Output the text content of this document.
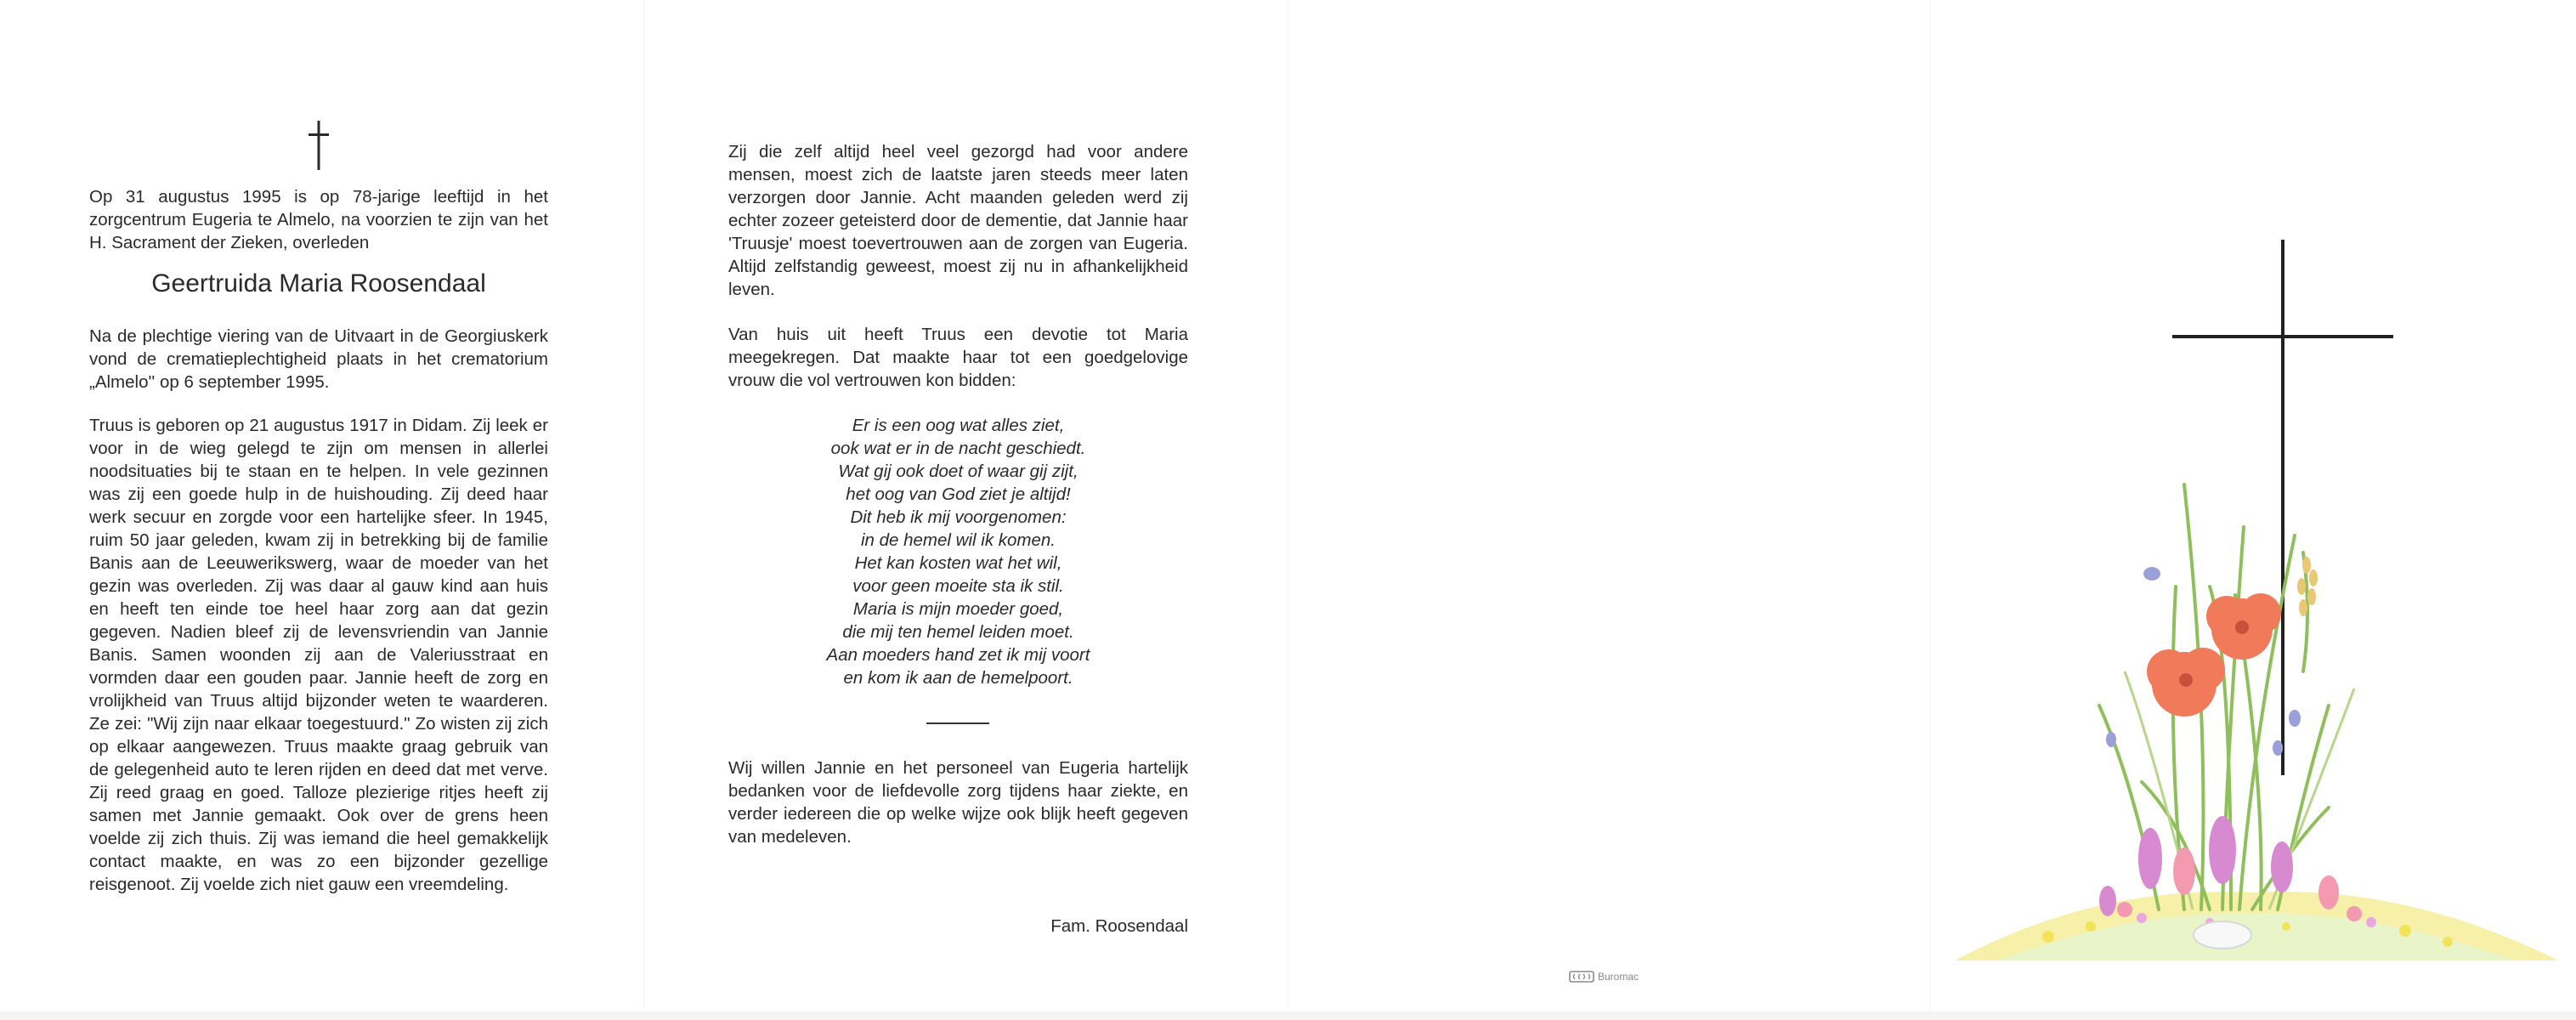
Op 31 augustus 1995 is op 78-jarige leeftijd in het zorgcentrum Eugeria te Almelo, na voorzien te zijn van het H. Sacrament der Zieken, overleden

Geertruida Maria Roosendaal

Na de plechtige viering van de Uitvaart in de Georgiuskerk vond de crematieplechtigheid plaats in het crematorium „Almelo'' op 6 september 1995.

Truus is geboren op 21 augustus 1917 in Didam. Zij leek er voor in de wieg gelegd te zijn om mensen in allerlei noodsituaties bij te staan en te helpen. In vele gezinnen was zij een goede hulp in de huishouding. Zij deed haar werk secuur en zorgde voor een hartelijke sfeer. In 1945, ruim 50 jaar geleden, kwam zij in betrekking bij de familie Banis aan de Leeuwerikswerg, waar de moeder van het gezin was overleden. Zij was daar al gauw kind aan huis en heeft ten einde toe heel haar zorg aan dat gezin gegeven. Nadien bleef zij de levensvriendin van Jannie Banis. Samen woonden zij aan de Valeriusstraat en vormden daar een gouden paar. Jannie heeft de zorg en vrolijkheid van Truus altijd bijzonder weten te waarderen. Ze zei: "Wij zijn naar elkaar toegestuurd." Zo wisten zij zich op elkaar aangewezen. Truus maakte graag gebruik van de gelegenheid auto te leren rijden en deed dat met verve. Zij reed graag en goed. Talloze plezierige ritjes heeft zij samen met Jannie gemaakt. Ook over de grens heen voelde zij zich thuis. Zij was iemand die heel gemakkelijk contact maakte, en was zo een bijzonder gezellige reisgenoot. Zij voelde zich niet gauw een vreemdeling.

Zij die zelf altijd heel veel gezorgd had voor andere mensen, moest zich de laatste jaren steeds meer laten verzorgen door Jannie. Acht maanden geleden werd zij echter zozeer geteisterd door de dementie, dat Jannie haar 'Truusje' moest toevertrouwen aan de zorgen van Eugeria. Altijd zelfstandig geweest, moest zij nu in afhankelijkheid leven.

Van huis uit heeft Truus een devotie tot Maria meegekregen. Dat maakte haar tot een goedgelovige vrouw die vol vertrouwen kon bidden:

Er is een oog wat alles ziet,
ook wat er in de nacht geschiedt.
Wat gij ook doet of waar gij zijt,
het oog van God ziet je altijd!
Dit heb ik mij voorgenomen:
in de hemel wil ik komen.
Het kan kosten wat het wil,
voor geen moeite sta ik stil.
Maria is mijn moeder goed,
die mij ten hemel leiden moet.
Aan moeders hand zet ik mij voort
en kom ik aan de hemelpoort.

Wij willen Jannie en het personeel van Eugeria hartelijk bedanken voor de liefdevolle zorg tijdens haar ziekte, en verder iedereen die op welke wijze ook blijk heeft gegeven van medeleven.

Fam. Roosendaal

Buromac
